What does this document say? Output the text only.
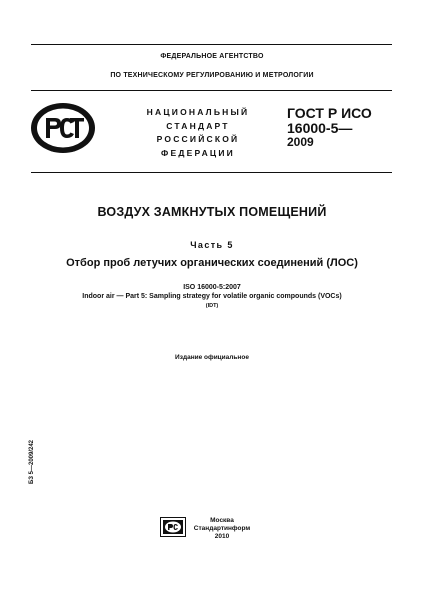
ФЕДЕРАЛЬНОЕ АГЕНТСТВО
ПО ТЕХНИЧЕСКОМУ РЕГУЛИРОВАНИЮ И МЕТРОЛОГИИ
НАЦИОНАЛЬНЫЙ
СТАНДАРТ
РОССИЙСКОЙ
ФЕДЕРАЦИИ
ГОСТ Р ИСО
16000-5—
2009
ВОЗДУХ ЗАМКНУТЫХ ПОМЕЩЕНИЙ
Часть 5
Отбор проб летучих органических соединений (ЛОС)
ISO 16000-5:2007
Indoor air — Part 5: Sampling strategy for volatile organic compounds (VOCs)
(IDT)
Издание официальное
БЗ 5—2009/242
Москва
Стандартинформ
2010
